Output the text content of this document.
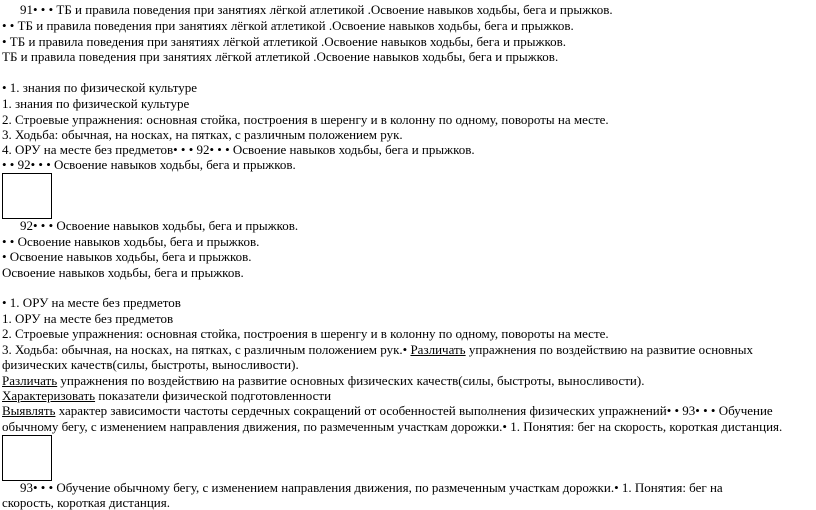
91• • • ТБ и правила поведения при занятиях лёгкой атлетикой .Освоение навыков ходьбы, бега и прыжков.
• • ТБ и правила поведения при занятиях лёгкой атлетикой .Освоение навыков ходьбы, бега и прыжков.
• ТБ и правила поведения при занятиях лёгкой атлетикой .Освоение навыков ходьбы, бега и прыжков.
ТБ и правила поведения при занятиях лёгкой атлетикой .Освоение навыков ходьбы, бега и прыжков.
• 1. знания по физической культуре
1. знания по физической культуре
2. Строевые упражнения: основная стойка, построения в шеренгу и в колонну по одному, повороты на месте.
3. Ходьба: обычная, на носках, на пятках, с различным положением рук.
4. ОРУ на месте без предметов• • • 92• • • Освоение навыков ходьбы, бега и прыжков.
• • 92• • • Освоение навыков ходьбы, бега и прыжков.
92• • • Освоение навыков ходьбы, бега и прыжков.
• • Освоение навыков ходьбы, бега и прыжков.
• Освоение навыков ходьбы, бега и прыжков.
Освоение навыков ходьбы, бега и прыжков.
• 1. ОРУ на месте без предметов
1. ОРУ на месте без предметов
2. Строевые упражнения: основная стойка, построения в шеренгу и в колонну по одному, повороты на месте.
3. Ходьба: обычная, на носках, на пятках, с различным положением рук.• Различать упражнения по воздействию на развитие основных
физических качеств(силы, быстроты, выносливости).
Различать упражнения по воздействию на развитие основных физических качеств(силы, быстроты, выносливости).
Характеризовать показатели физической подготовленности
Выявлять характер зависимости частоты сердечных сокращений от особенностей выполнения физических упражнений• • 93• • • Обучение
обычному бегу, с изменением направления движения, по размеченным участкам дорожки.• 1. Понятия: бег на скорость, короткая дистанция.
93• • • Обучение обычному бегу, с изменением направления движения, по размеченным участкам дорожки.• 1. Понятия: бег на
скорость, короткая дистанция.
